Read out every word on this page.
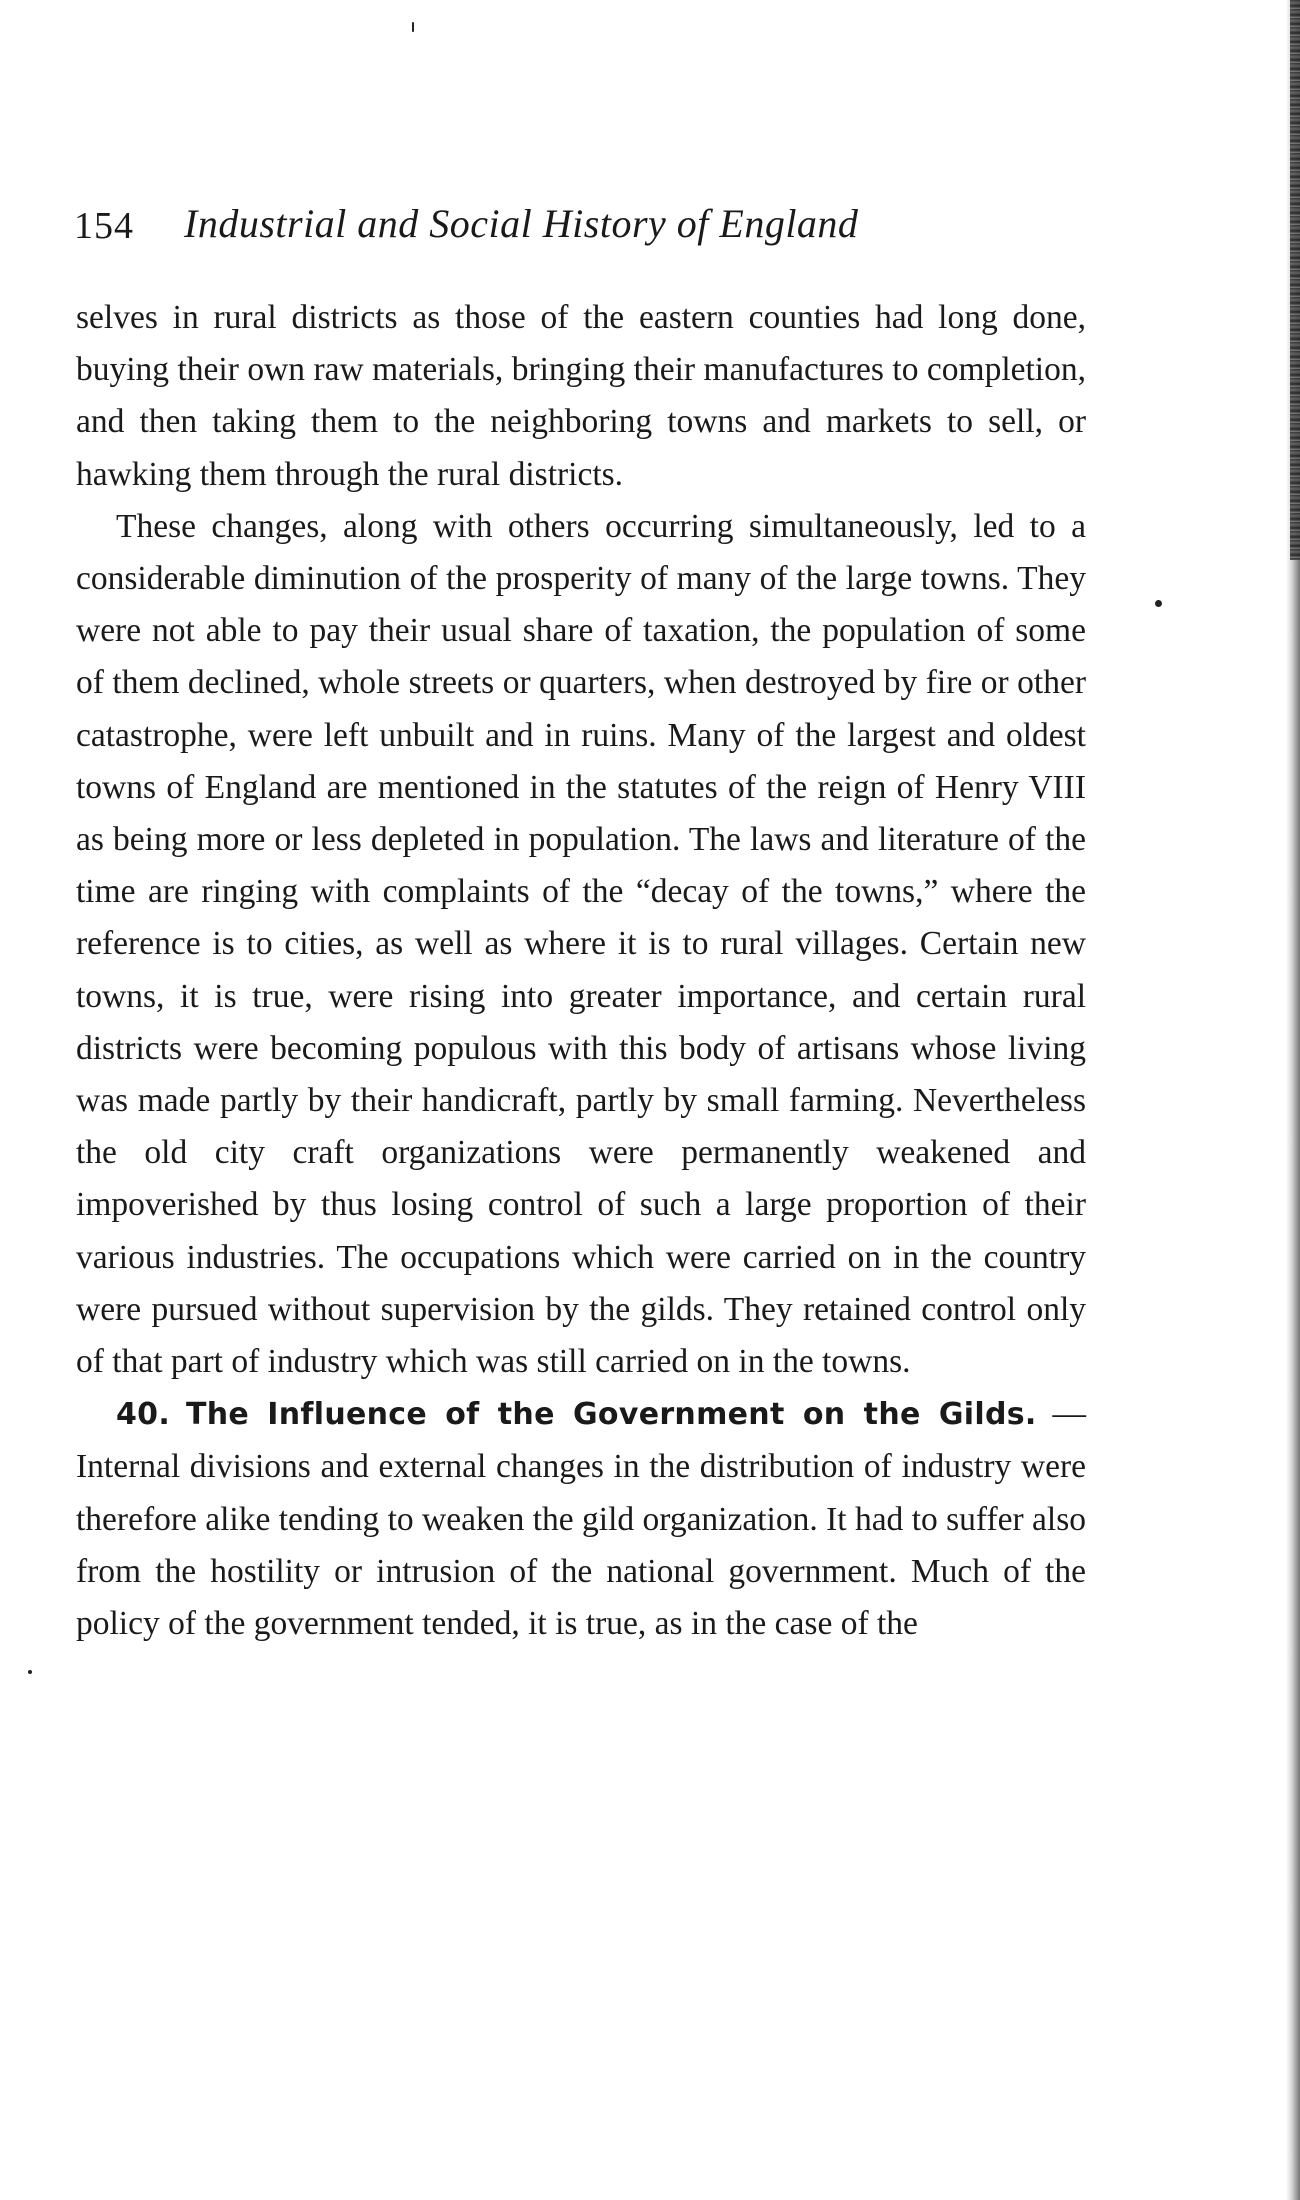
154 Industrial and Social History of England

selves in rural districts as those of the eastern counties had long done, buying their own raw materials, bringing their manufactures to completion, and then taking them to the neighboring towns and markets to sell, or hawking them through the rural districts.

These changes, along with others occurring simultaneously, led to a considerable diminution of the prosperity of many of the large towns. They were not able to pay their usual share of taxation, the population of some of them declined, whole streets or quarters, when destroyed by fire or other catastrophe, were left unbuilt and in ruins. Many of the largest and oldest towns of England are mentioned in the statutes of the reign of Henry VIII as being more or less depleted in population. The laws and literature of the time are ringing with complaints of the “decay of the towns,” where the reference is to cities, as well as where it is to rural villages. Certain new towns, it is true, were rising into greater importance, and certain rural districts were becoming populous with this body of artisans whose living was made partly by their handicraft, partly by small farming. Nevertheless the old city craft organizations were permanently weakened and impoverished by thus losing control of such a large proportion of their various industries. The occupations which were carried on in the country were pursued without supervision by the gilds. They retained control only of that part of industry which was still carried on in the towns.

40. The Influence of the Government on the Gilds. — Internal divisions and external changes in the distribution of industry were therefore alike tending to weaken the gild organization. It had to suffer also from the hostility or intrusion of the national government. Much of the policy of the government tended, it is true, as in the case of the
